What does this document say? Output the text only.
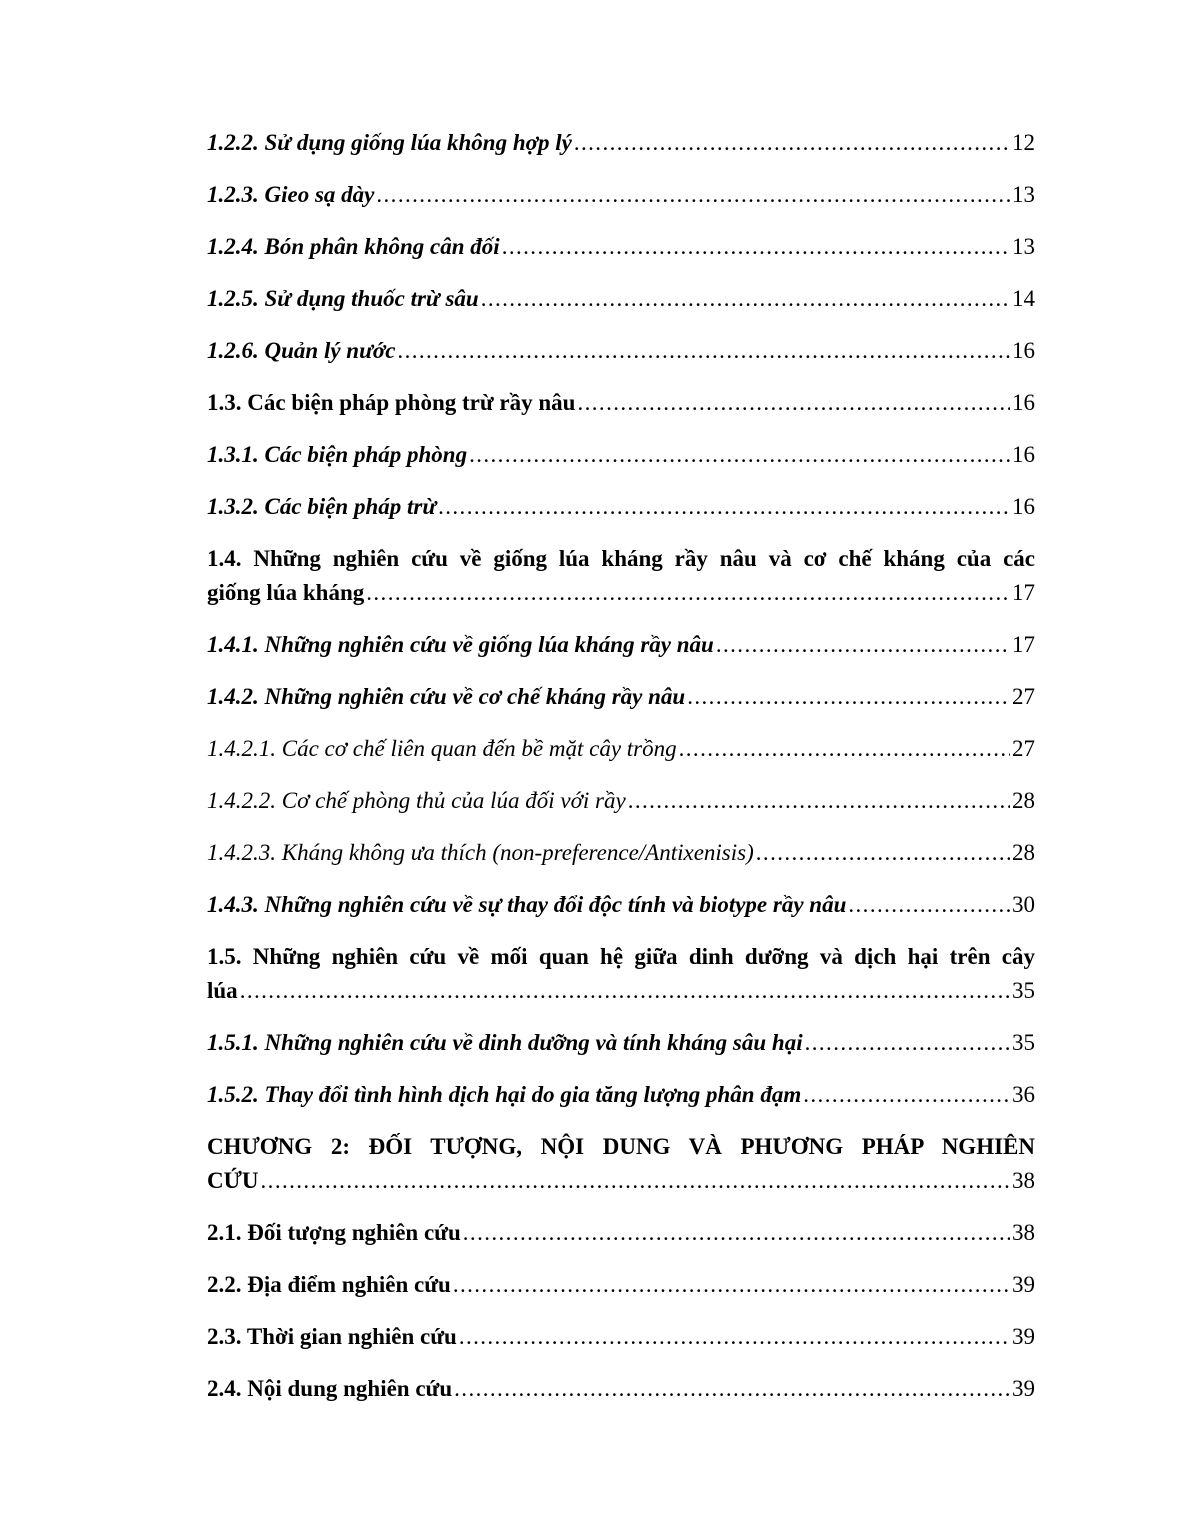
1.2.2. Sử dụng giống lúa không hợp lý .....	12
1.2.3. Gieo sạ dày .....	13
1.2.4. Bón phân không cân đối .....	13
1.2.5. Sử dụng thuốc trừ sâu .....	14
1.2.6. Quản lý nước .....	16
1.3. Các biện pháp phòng trừ rầy nâu .....	16
1.3.1. Các biện pháp phòng .....	16
1.3.2. Các biện pháp trừ .....	16
1.4. Những nghiên cứu về giống lúa kháng rầy nâu và cơ chế kháng của các
giống lúa kháng .....	17
1.4.1. Những nghiên cứu về giống lúa kháng rầy nâu .....	17
1.4.2. Những nghiên cứu về cơ chế kháng rầy nâu .....	27
1.4.2.1. Các cơ chế liên quan đến bề mặt cây trồng .....	27
1.4.2.2. Cơ chế phòng thủ của lúa đối với rầy .....	28
1.4.2.3. Kháng không ưa thích (non-preference/Antixenisis) .....	28
1.4.3. Những nghiên cứu về sự thay đổi độc tính và biotype rầy nâu .....	30
1.5. Những nghiên cứu về mối quan hệ giữa dinh dưỡng và dịch hại trên cây
lúa .....	35
1.5.1. Những nghiên cứu về dinh dưỡng và tính kháng sâu hại .....	35
1.5.2. Thay đổi tình hình dịch hại do gia tăng lượng phân đạm .....	36
CHƯƠNG 2: ĐỐI TƯỢNG, NỘI DUNG VÀ PHƯƠNG PHÁP NGHIÊN
CỨU .....	38
2.1. Đối tượng nghiên cứu .....	38
2.2. Địa điểm nghiên cứu .....	39
2.3. Thời gian nghiên cứu .....	39
2.4. Nội dung nghiên cứu .....	39
